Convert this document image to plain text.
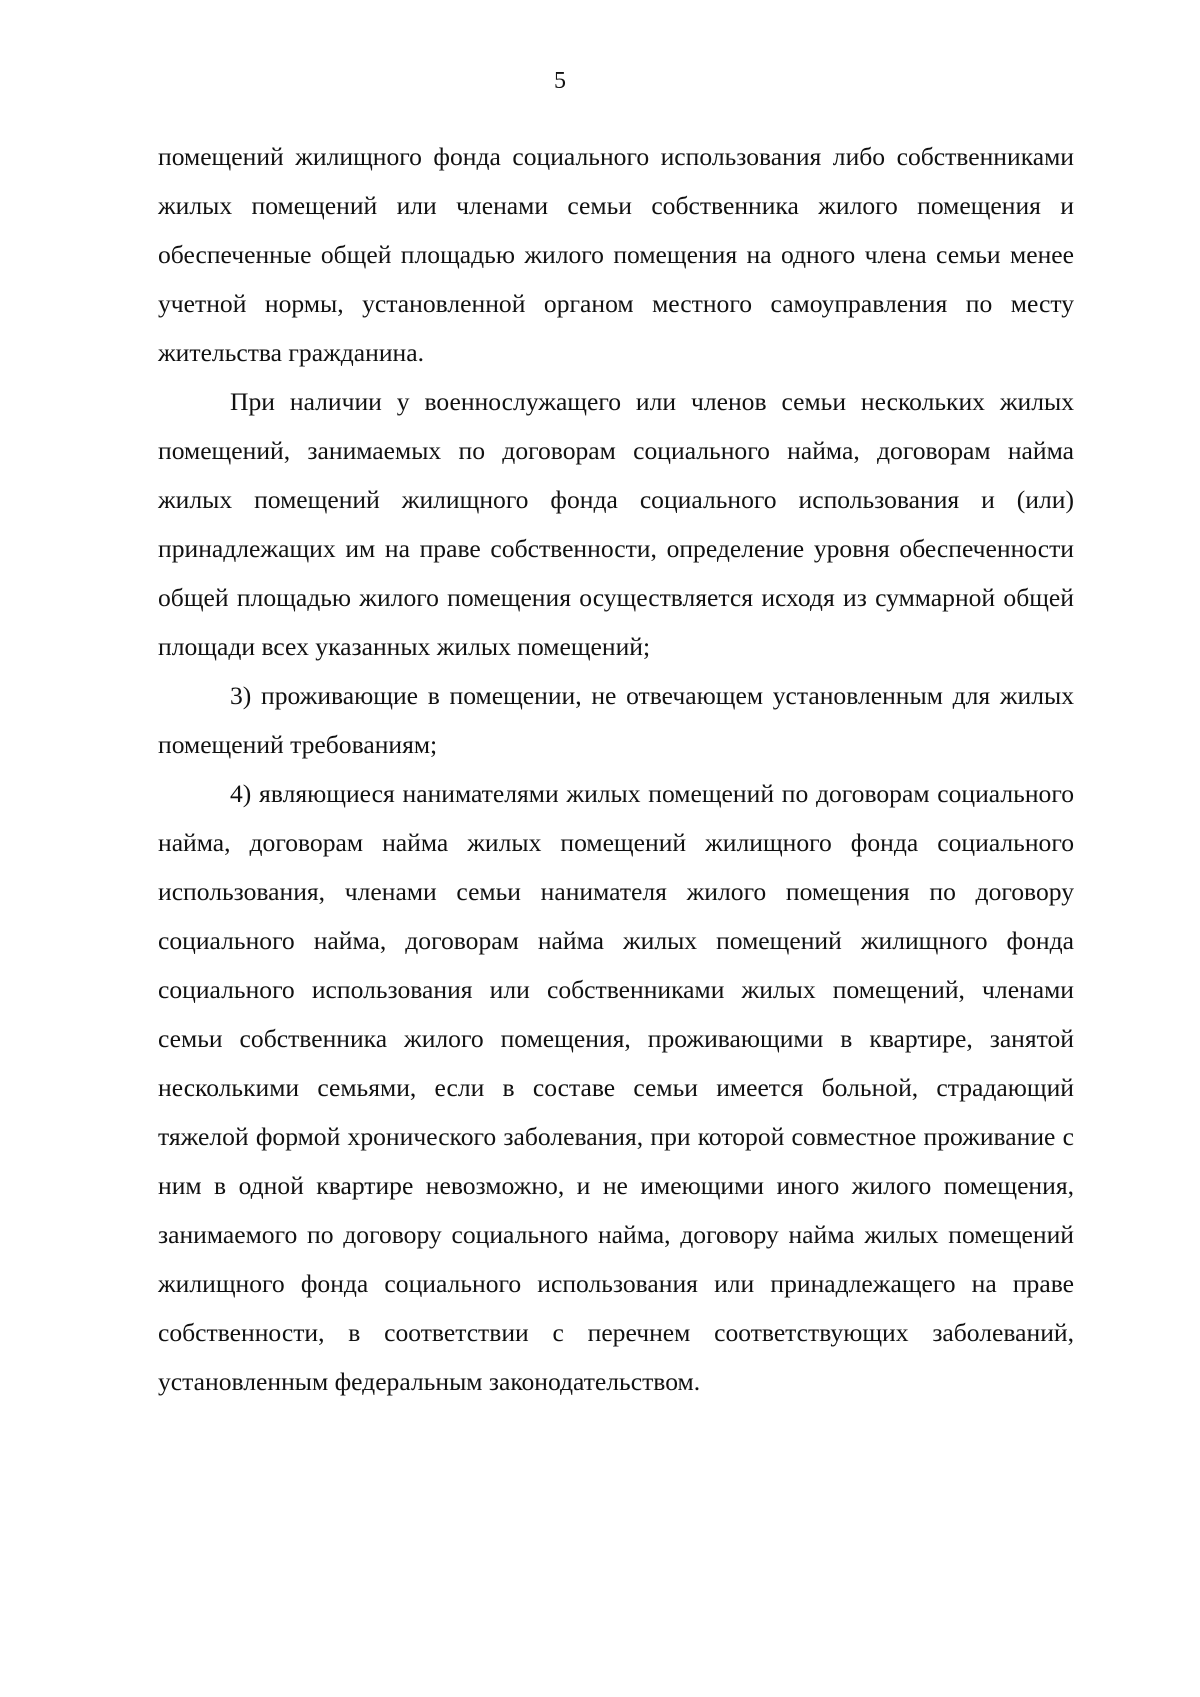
5

помещений жилищного фонда социального использования либо собственниками жилых помещений или членами семьи собственника жилого помещения и обеспеченные общей площадью жилого помещения на одного члена семьи менее учетной нормы, установленной органом местного самоуправления по месту жительства гражданина.

При наличии у военнослужащего или членов семьи нескольких жилых помещений, занимаемых по договорам социального найма, договорам найма жилых помещений жилищного фонда социального использования и (или) принадлежащих им на праве собственности, определение уровня обеспеченности общей площадью жилого помещения осуществляется исходя из суммарной общей площади всех указанных жилых помещений;

3) проживающие в помещении, не отвечающем установленным для жилых помещений требованиям;

4) являющиеся нанимателями жилых помещений по договорам социального найма, договорам найма жилых помещений жилищного фонда социального использования, членами семьи нанимателя жилого помещения по договору социального найма, договорам найма жилых помещений жилищного фонда социального использования или собственниками жилых помещений, членами семьи собственника жилого помещения, проживающими в квартире, занятой несколькими семьями, если в составе семьи имеется больной, страдающий тяжелой формой хронического заболевания, при которой совместное проживание с ним в одной квартире невозможно, и не имеющими иного жилого помещения, занимаемого по договору социального найма, договору найма жилых помещений жилищного фонда социального использования или принадлежащего на праве собственности, в соответствии с перечнем соответствующих заболеваний, установленным федеральным законодательством.
